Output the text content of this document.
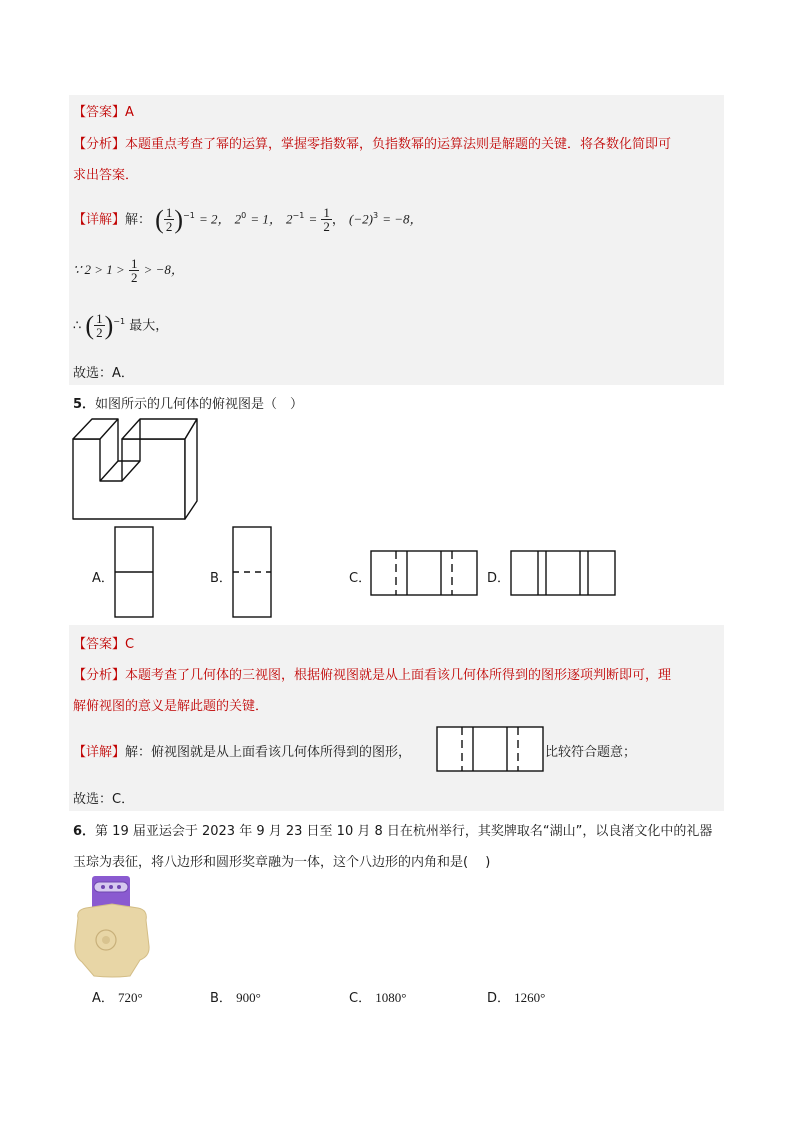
【答案】A
【分析】本题重点考查了幂的运算，掌握零指数幂，负指数幂的运算法则是解题的关键．将各数化简即可
求出答案．
【详解】解： ( $\frac{1}{2} )^{-1} = 2$， $2^0 = 1$， $2^{-1} = \frac{1}{2}$ ， $(-2)^3 = -8$，
∵ $2 > 1 > \frac{1}{2} > -8$，
∴ ( $\frac{1}{2} )^{-1}$ 最大，
故选：A．
5．如图所示的几何体的俯视图是（　）
A．	B．	C．	D．
【答案】C
【分析】本题考查了几何体的三视图，根据俯视图就是从上面看该几何体所得到的图形逐项判断即可，理
解俯视图的意义是解此题的关键．
【详解】解：俯视图就是从上面看该几何体所得到的图形，	比较符合题意；
故选：C．
6．第 19 届亚运会于 2023 年 9 月 23 日至 10 月 8 日在杭州举行，其奖牌取名“湖山”，以良渚文化中的礼器
玉琮为表征，将八边形和圆形奖章融为一体，这个八边形的内角和是(　 )
A． 720°	B． 900°	C． 1080°	D． 1260°
